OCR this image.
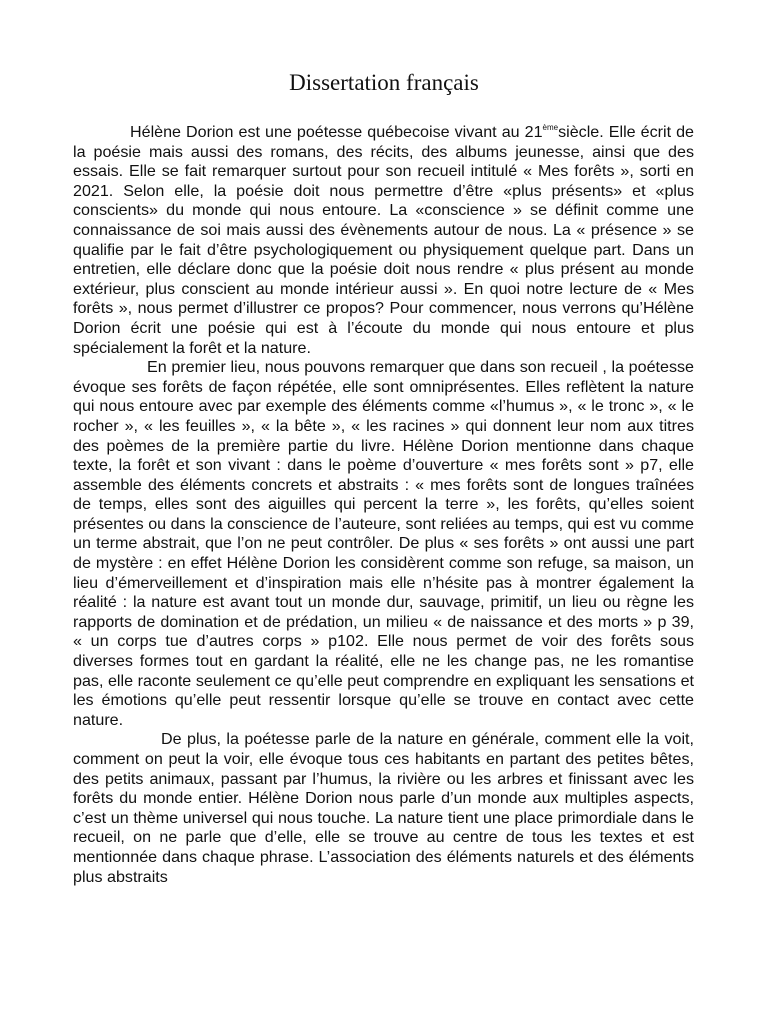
Dissertation français

Hélène Dorion est une poétesse québecoise vivant au 21èmesiècle. Elle écrit de la poésie mais aussi des romans, des récits, des albums jeunesse, ainsi que des essais. Elle se fait remarquer surtout pour son recueil intitulé « Mes forêts », sorti en 2021. Selon elle, la poésie doit nous permettre d’être «plus présents» et «plus conscients» du monde qui nous entoure. La «conscience » se définit comme une connaissance de soi mais aussi des évènements autour de nous. La « présence » se qualifie par le fait d’être psychologiquement ou physiquement quelque part. Dans un entretien, elle déclare donc que la poésie doit nous rendre « plus présent au monde extérieur, plus conscient au monde intérieur aussi ». En quoi notre lecture de « Mes forêts », nous permet d’illustrer ce propos? Pour commencer, nous verrons qu’Hélène Dorion écrit une poésie qui est à l’écoute du monde qui nous entoure et plus spécialement la forêt et la nature.

En premier lieu, nous pouvons remarquer que dans son recueil , la poétesse évoque ses forêts de façon répétée, elle sont omniprésentes. Elles reflètent la nature qui nous entoure avec par exemple des éléments comme «l’humus », « le tronc », « le rocher », « les feuilles », « la bête », « les racines » qui donnent leur nom aux titres des poèmes de la première partie du livre. Hélène Dorion mentionne dans chaque texte, la forêt et son vivant : dans le poème d’ouverture « mes forêts sont » p7, elle assemble des éléments concrets et abstraits : « mes forêts sont de longues traînées de temps, elles sont des aiguilles qui percent la terre », les forêts, qu’elles soient présentes ou dans la conscience de l’auteure, sont reliées au temps, qui est vu comme un terme abstrait, que l’on ne peut contrôler. De plus « ses forêts » ont aussi une part de mystère : en effet Hélène Dorion les considèrent comme son refuge, sa maison, un lieu d’émerveillement et d’inspiration mais elle n’hésite pas à montrer également la réalité : la nature est avant tout un monde dur, sauvage, primitif, un lieu ou règne les rapports de domination et de prédation, un milieu « de naissance et des morts » p 39, « un corps tue d’autres corps » p102. Elle nous permet de voir des forêts sous diverses formes tout en gardant la réalité, elle ne les change pas, ne les romantise pas, elle raconte seulement ce qu’elle peut comprendre en expliquant les sensations et les émotions qu’elle peut ressentir lorsque qu’elle se trouve en contact avec cette nature.

De plus, la poétesse parle de la nature en générale, comment elle la voit, comment on peut la voir, elle évoque tous ces habitants en partant des petites bêtes, des petits animaux, passant par l’humus, la rivière ou les arbres et finissant avec les forêts du monde entier. Hélène Dorion nous parle d’un monde aux multiples aspects, c’est un thème universel qui nous touche. La nature tient une place primordiale dans le recueil, on ne parle que d’elle, elle se trouve au centre de tous les textes et est mentionnée dans chaque phrase. L’association des éléments naturels et des éléments plus abstraits
